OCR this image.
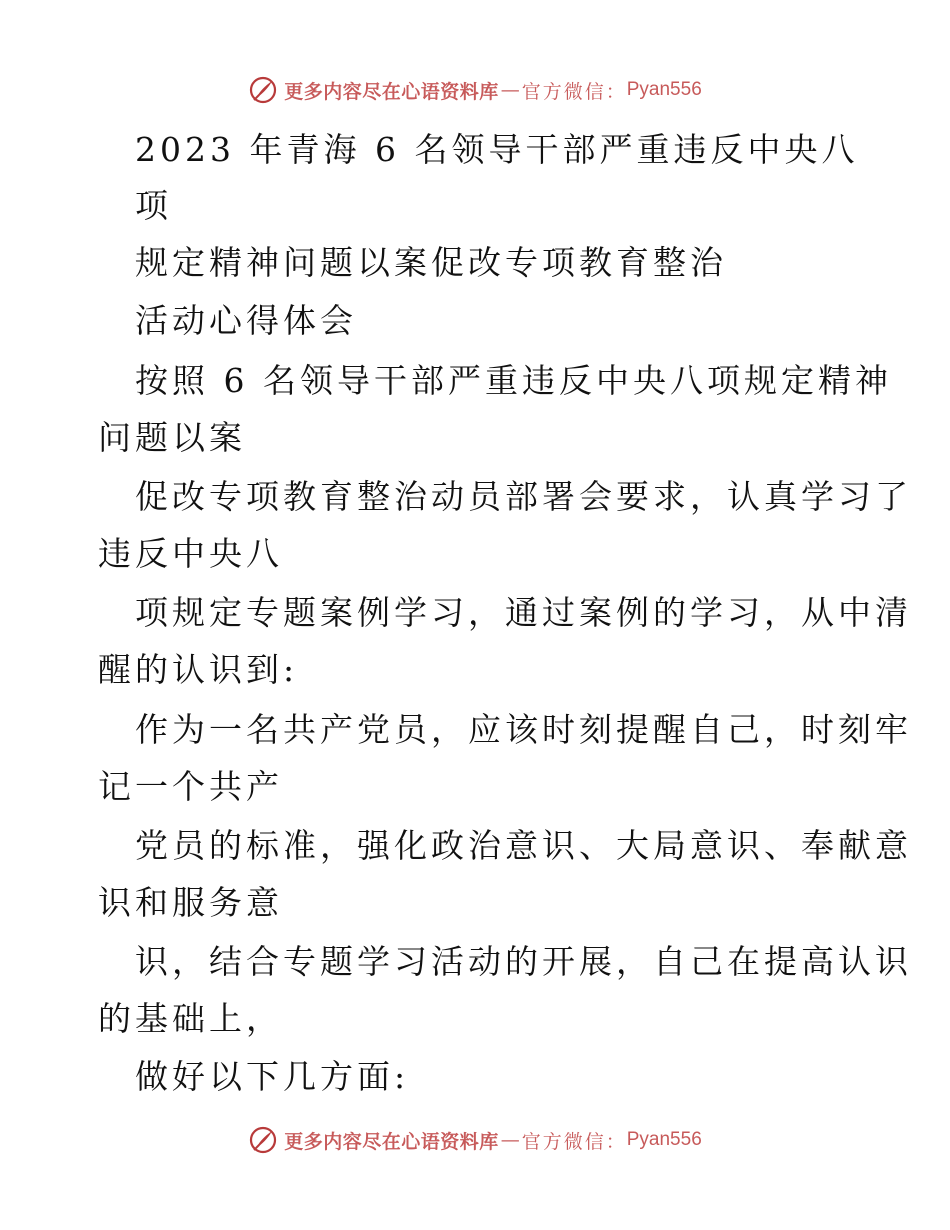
更多内容尽在心语资料库 — 官方微信： Pyan556
2023 年青海 6 名领导干部严重违反中央八
项
规定精神问题以案促改专项教育整治
活动心得体会
按照 6 名领导干部严重违反中央八项规定精神
问题以案
促改专项教育整治动员部署会要求，认真学习了
违反中央八
项规定专题案例学习，通过案例的学习，从中清
醒的认识到:
作为一名共产党员，应该时刻提醒自己，时刻牢
记一个共产
党员的标准，强化政治意识、大局意识、奉献意
识和服务意
识，结合专题学习活动的开展，自己在提高认识
的基础上，
做好以下几方面:
更多内容尽在心语资料库 — 官方微信： Pyan556
